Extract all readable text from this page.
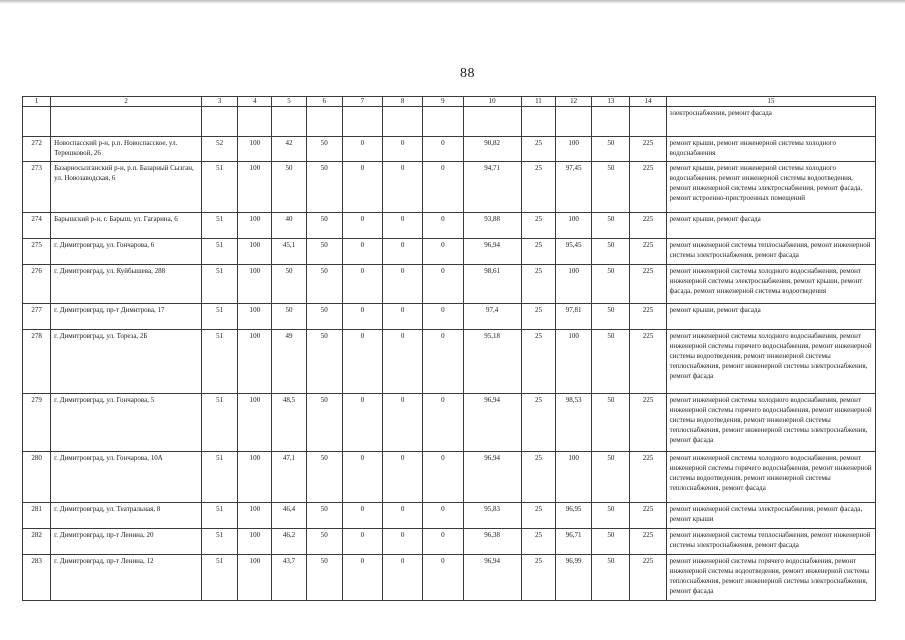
88
1	2	3	4	5	6	7	8	9	10	11	12	13	14	15
														электроснабжения, ремонт фасада
272	Новоспасский р-н, р.п. Новоспасское, ул. Терешковой, 26	52	100	42	50	0	0	0	90,82	25	100	50	225	ремонт крыши, ремонт инженерной системы холодного водоснабжения
273	Базарносызганский р-н, р.п. Базарный Сызган, ул. Новозаводская, 6	51	100	50	50	0	0	0	94,71	25	97,45	50	225	ремонт крыши, ремонт инженерной системы холодного водоснабжения, ремонт инженерной системы водоотведения, ремонт инженерной системы электроснабжения, ремонт фасада, ремонт встроенно-пристроенных помещений
274	Барышский р-н, г. Барыш, ул. Гагарина, 6	51	100	40	50	0	0	0	93,88	25	100	50	225	ремонт крыши, ремонт фасада
275	г. Димитровград, ул. Гончарова, 6	51	100	45,1	50	0	0	0	96,94	25	95,45	50	225	ремонт инженерной системы теплоснабжения, ремонт инженерной системы электроснабжения, ремонт фасада
276	г. Димитровград, ул. Куйбышева, 288	51	100	50	50	0	0	0	98,61	25	100	50	225	ремонт инженерной системы холодного водоснабжения, ремонт инженерной системы электроснабжения, ремонт крыши, ремонт фасада, ремонт инженерной системы водоотведения
277	г. Димитровград, пр-т Димитрова, 17	51	100	50	50	0	0	0	97,4	25	97,81	50	225	ремонт крыши, ремонт фасада
278	г. Димитровград, ул. Тореза, 2Б	51	100	49	50	0	0	0	95,18	25	100	50	225	ремонт инженерной системы холодного водоснабжения, ремонт инженерной системы горячего водоснабжения, ремонт инженерной системы водоотведения, ремонт инженерной системы теплоснабжения, ремонт инженерной системы электроснабжения, ремонт фасада
279	г. Димитровград, ул. Гончарова, 5	51	100	48,5	50	0	0	0	96,94	25	98,53	50	225	ремонт инженерной системы холодного водоснабжения, ремонт инженерной системы горячего водоснабжения, ремонт инженерной системы водоотведения, ремонт инженерной системы теплоснабжения, ремонт инженерной системы электроснабжения, ремонт фасада
280	г. Димитровград, ул. Гончарова, 10А	51	100	47,1	50	0	0	0	96,94	25	100	50	225	ремонт инженерной системы холодного водоснабжения, ремонт инженерной системы горячего водоснабжения, ремонт инженерной системы водоотведения, ремонт инженерной системы теплоснабжения, ремонт фасада
281	г. Димитровград, ул. Театральная, 8	51	100	46,4	50	0	0	0	95,83	25	96,95	50	225	ремонт инженерной системы электроснабжения, ремонт фасада, ремонт крыши
282	г. Димитровград, пр-т Ленина, 20	51	100	46,2	50	0	0	0	96,38	25	96,71	50	225	ремонт инженерной системы теплоснабжения, ремонт инженерной системы электроснабжения, ремонт фасада
283	г. Димитровград, пр-т Ленина, 12	51	100	43,7	50	0	0	0	96,94	25	96,99	50	225	ремонт инженерной системы горячего водоснабжения, ремонт инженерной системы водоотведения, ремонт инженерной системы теплоснабжения, ремонт инженерной системы электроснабжения, ремонт фасада
